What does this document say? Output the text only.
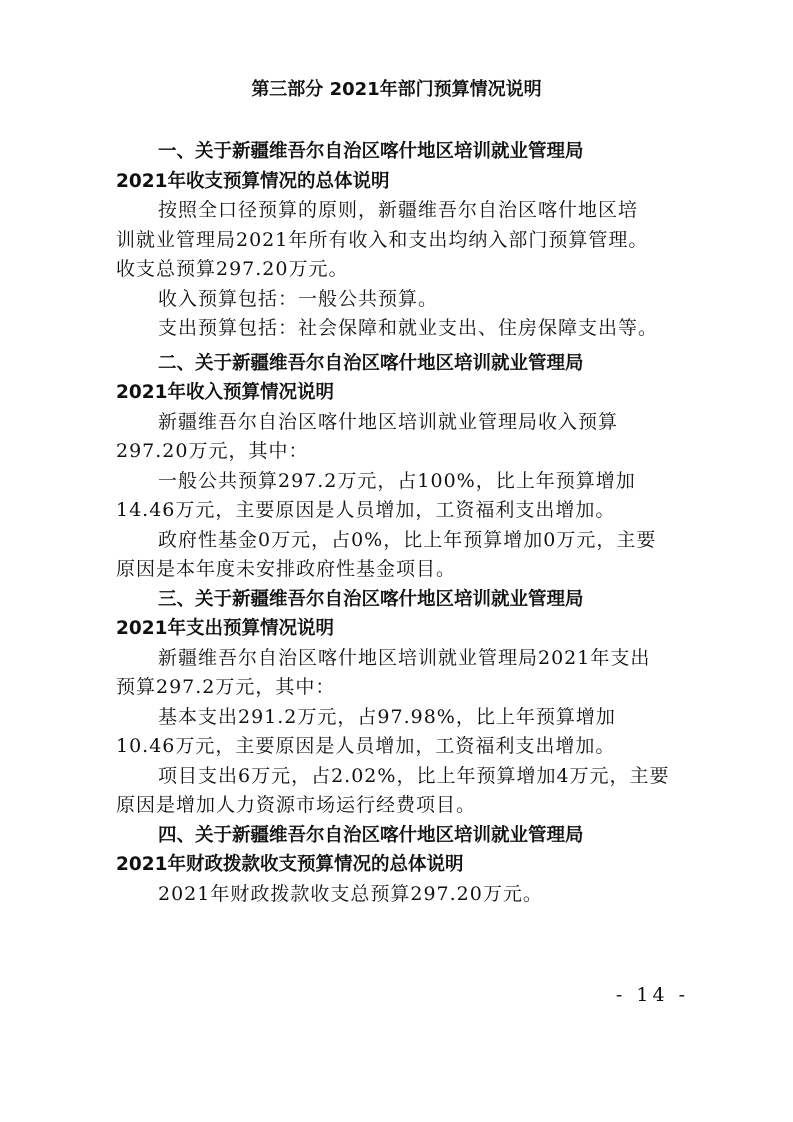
第三部分 2021年部门预算情况说明
一、关于新疆维吾尔自治区喀什地区培训就业管理局
2021年收支预算情况的总体说明
按照全口径预算的原则，新疆维吾尔自治区喀什地区培
训就业管理局2021年所有收入和支出均纳入部门预算管理。
收支总预算297.20万元。
收入预算包括：一般公共预算。
支出预算包括：社会保障和就业支出、住房保障支出等。
二、关于新疆维吾尔自治区喀什地区培训就业管理局
2021年收入预算情况说明
新疆维吾尔自治区喀什地区培训就业管理局收入预算
297.20万元，其中：
一般公共预算297.2万元，占100%，比上年预算增加
14.46万元，主要原因是人员增加，工资福利支出增加。
政府性基金0万元，占0%，比上年预算增加0万元，主要
原因是本年度未安排政府性基金项目。
三、关于新疆维吾尔自治区喀什地区培训就业管理局
2021年支出预算情况说明
新疆维吾尔自治区喀什地区培训就业管理局2021年支出
预算297.2万元，其中：
基本支出291.2万元，占97.98%，比上年预算增加
10.46万元，主要原因是人员增加，工资福利支出增加。
项目支出6万元，占2.02%，比上年预算增加4万元，主要
原因是增加人力资源市场运行经费项目。
四、关于新疆维吾尔自治区喀什地区培训就业管理局
2021年财政拨款收支预算情况的总体说明
2021年财政拨款收支总预算297.20万元。
- 14 -
